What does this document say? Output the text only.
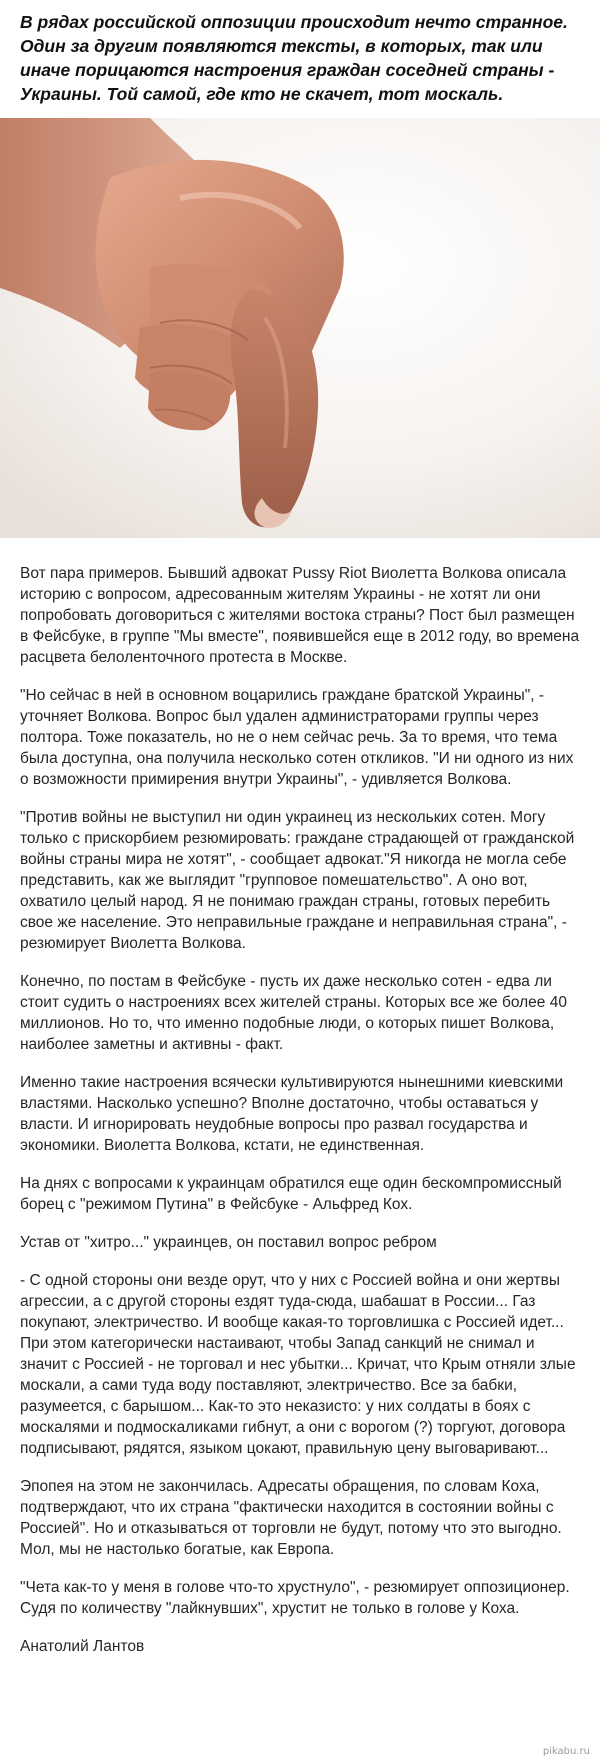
В рядах российской оппозиции происходит нечто странное. Один за другим появляются тексты, в которых, так или иначе порицаются настроения граждан соседней страны - Украины. Той самой, где кто не скачет, тот москаль.

Вот пара примеров. Бывший адвокат Pussy Riot Виолетта Волкова описала историю с вопросом, адресованным жителям Украины - не хотят ли они попробовать договориться с жителями востока страны? Пост был размещен в Фейсбуке, в группе "Мы вместе", появившейся еще в 2012 году, во времена расцвета белоленточного протеста в Москве.

"Но сейчас в ней в основном воцарились граждане братской Украины", - уточняет Волкова. Вопрос был удален администраторами группы через полтора. Тоже показатель, но не о нем сейчас речь. За то время, что тема была доступна, она получила несколько сотен откликов. "И ни одного из них о возможности примирения внутри Украины", - удивляется Волкова.

"Против войны не выступил ни один украинец из нескольких сотен. Могу только с прискорбием резюмировать: граждане страдающей от гражданской войны страны мира не хотят", - сообщает адвокат."Я никогда не могла себе представить, как же выглядит "групповое помешательство". А оно вот, охватило целый народ. Я не понимаю граждан страны, готовых перебить свое же население. Это неправильные граждане и неправильная страна", - резюмирует Виолетта Волкова.

Конечно, по постам в Фейсбуке - пусть их даже несколько сотен - едва ли стоит судить о настроениях всех жителей страны. Которых все же более 40 миллионов. Но то, что именно подобные люди, о которых пишет Волкова, наиболее заметны и активны - факт.

Именно такие настроения всячески культивируются нынешними киевскими властями. Насколько успешно? Вполне достаточно, чтобы оставаться у власти. И игнорировать неудобные вопросы про развал государства и экономики. Виолетта Волкова, кстати, не единственная.

На днях с вопросами к украинцам обратился еще один бескомпромиссный борец с "режимом Путина" в Фейсбуке - Альфред Кох.

Устав от "хитро..." украинцев, он поставил вопрос ребром

- С одной стороны они везде орут, что у них с Россией война и они жертвы агрессии, а с другой стороны ездят туда-сюда, шабашат в России... Газ покупают, электричество. И вообще какая-то торговлишка с Россией идет... При этом категорически настаивают, чтобы Запад санкций не снимал и значит с Россией - не торговал и нес убытки... Кричат, что Крым отняли злые москали, а сами туда воду поставляют, электричество. Все за бабки, разумеется, с барышом... Как-то это неказисто: у них солдаты в боях с москалями и подмоскаликами гибнут, а они с ворогом (?) торгуют, договора подписывают, рядятся, языком цокают, правильную цену выговаривают...

Эпопея на этом не закончилась. Адресаты обращения, по словам Коха, подтверждают, что их страна "фактически находится в состоянии войны с Россией". Но и отказываться от торговли не будут, потому что это выгодно. Мол, мы не настолько богатые, как Европа.

"Чета как-то у меня в голове что-то хрустнуло", - резюмирует оппозиционер. Судя по количеству "лайкнувших", хрустит не только в голове у Коха.

Анатолий Лантов

pikabu.ru
